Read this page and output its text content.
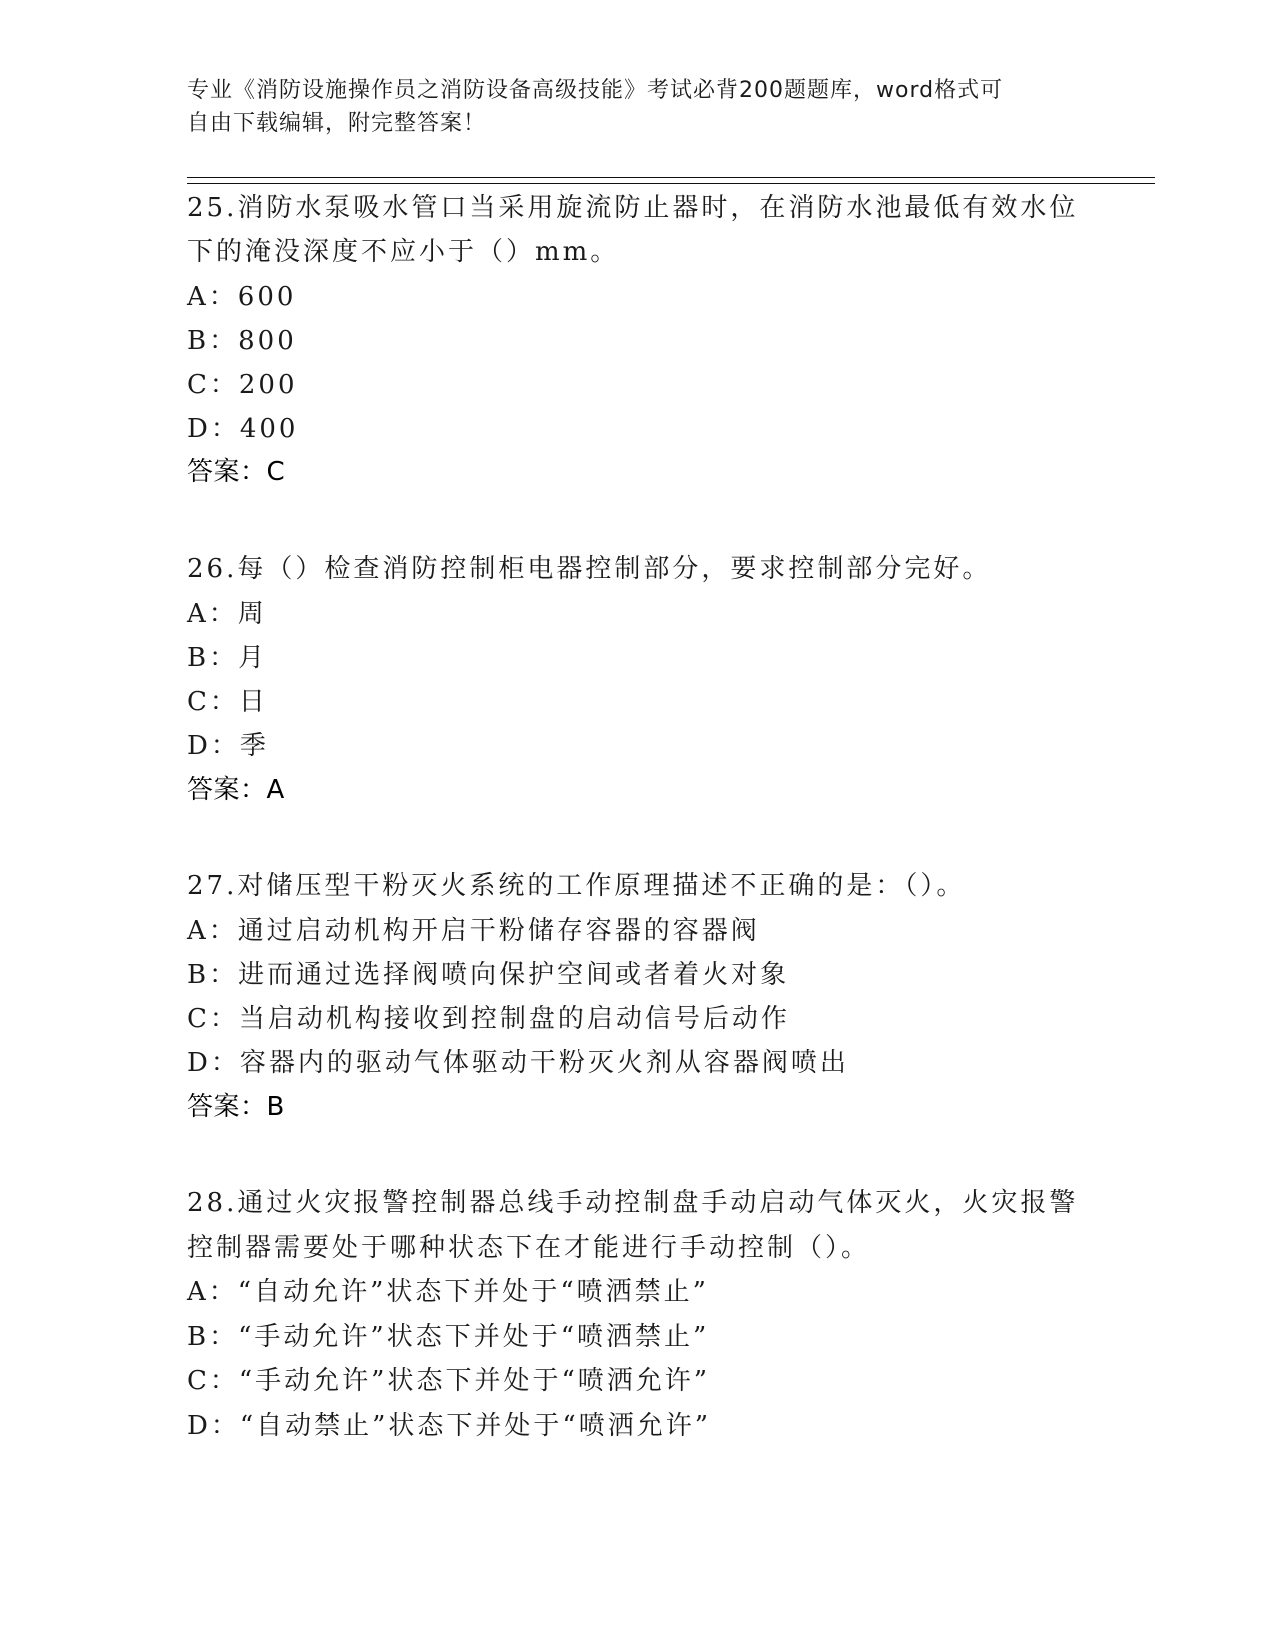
专业《消防设施操作员之消防设备高级技能》考试必背200题题库，word格式可
自由下载编辑，附完整答案！
25.消防水泵吸水管口当采用旋流防止器时，在消防水池最低有效水位
下的淹没深度不应小于（）mm。
A：600
B：800
C：200
D：400
答案：C
26.每（）检查消防控制柜电器控制部分，要求控制部分完好。
A：周
B：月
C：日
D：季
答案：A
27.对储压型干粉灭火系统的工作原理描述不正确的是：（）。
A：通过启动机构开启干粉储存容器的容器阀
B：进而通过选择阀喷向保护空间或者着火对象
C：当启动机构接收到控制盘的启动信号后动作
D：容器内的驱动气体驱动干粉灭火剂从容器阀喷出
答案：B
28.通过火灾报警控制器总线手动控制盘手动启动气体灭火，火灾报警
控制器需要处于哪种状态下在才能进行手动控制（）。
A：“自动允许”状态下并处于“喷洒禁止”
B：“手动允许”状态下并处于“喷洒禁止”
C：“手动允许”状态下并处于“喷洒允许”
D：“自动禁止”状态下并处于“喷洒允许”
